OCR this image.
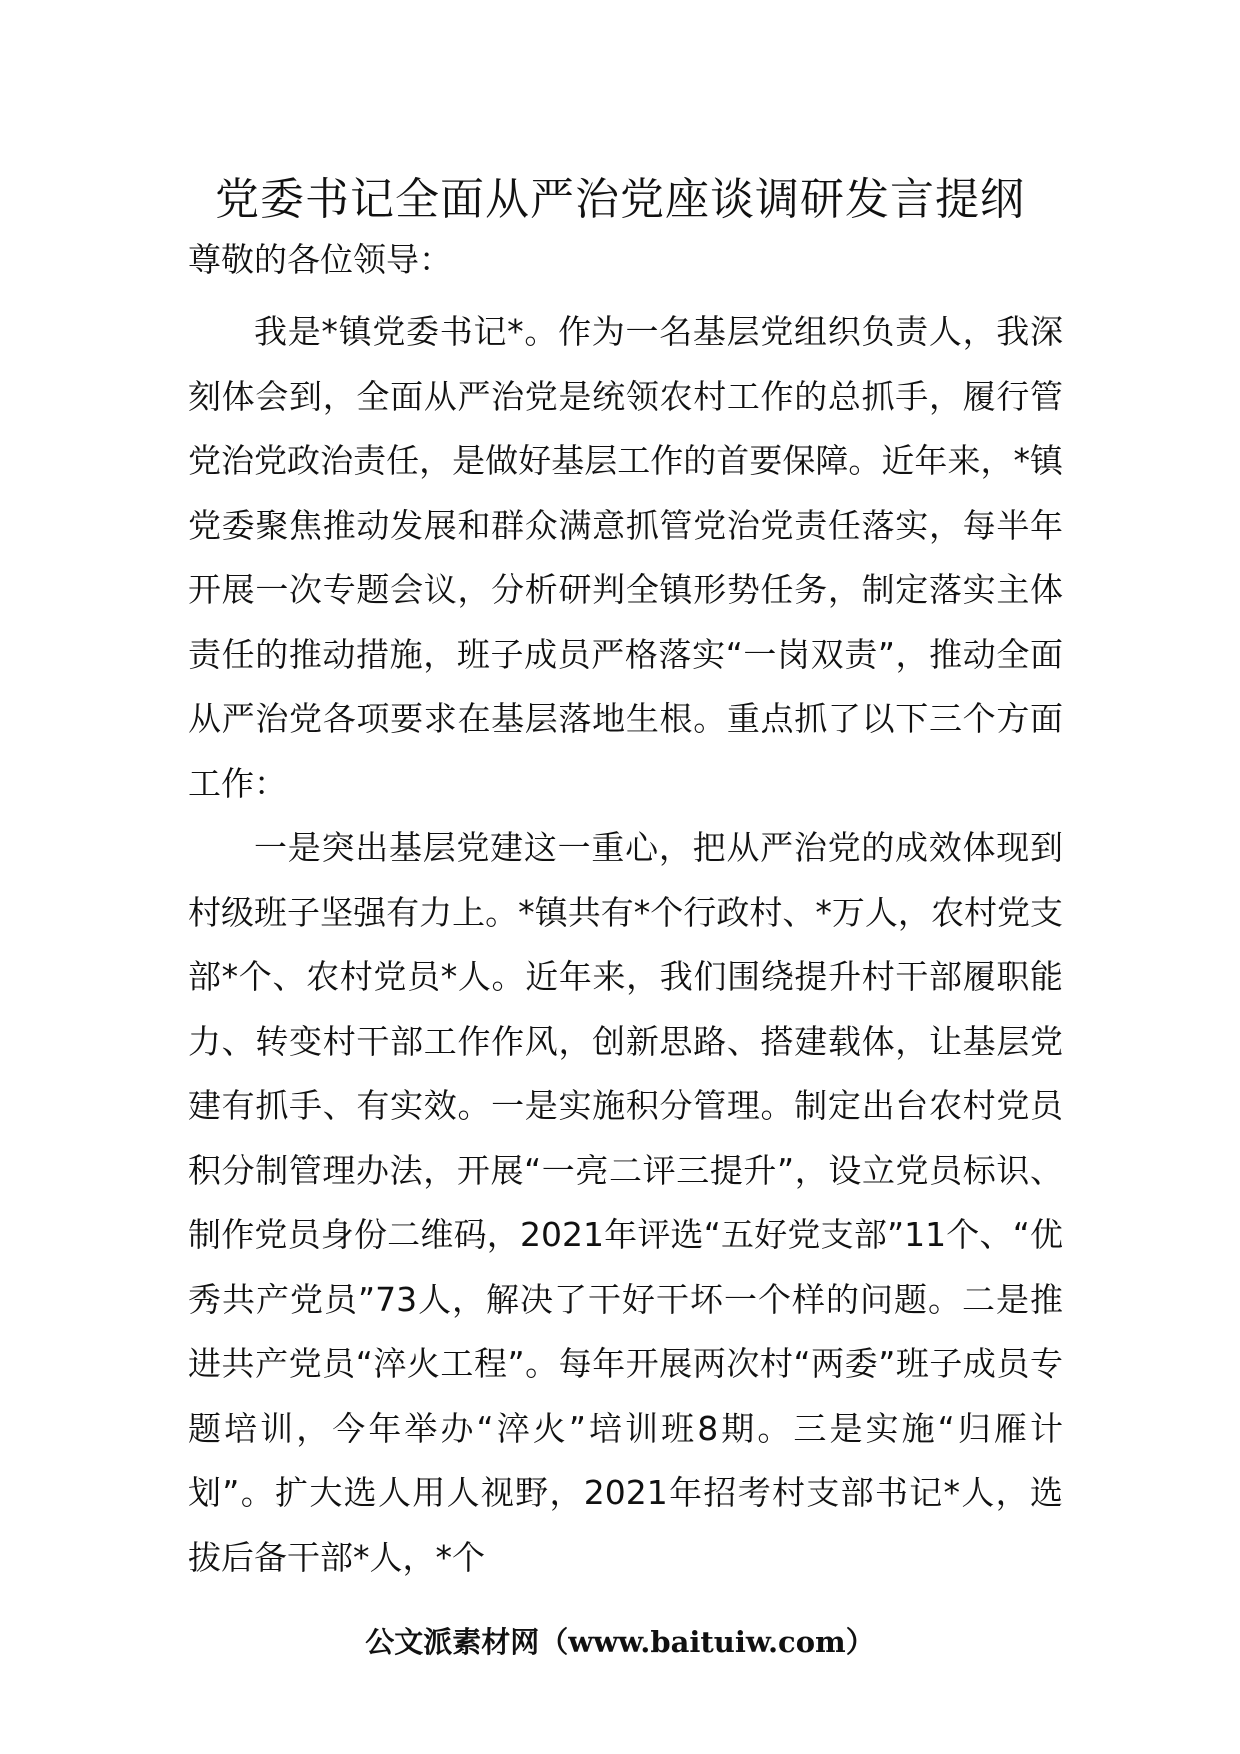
党委书记全面从严治党座谈调研发言提纲

尊敬的各位领导：

我是*镇党委书记*。作为一名基层党组织负责人，我深刻体会到，全面从严治党是统领农村工作的总抓手，履行管党治党政治责任，是做好基层工作的首要保障。近年来，*镇党委聚焦推动发展和群众满意抓管党治党责任落实，每半年开展一次专题会议，分析研判全镇形势任务，制定落实主体责任的推动措施，班子成员严格落实“一岗双责”，推动全面从严治党各项要求在基层落地生根。重点抓了以下三个方面工作：

一是突出基层党建这一重心，把从严治党的成效体现到村级班子坚强有力上。*镇共有*个行政村、*万人，农村党支部*个、农村党员*人。近年来，我们围绕提升村干部履职能力、转变村干部工作作风，创新思路、搭建载体，让基层党建有抓手、有实效。一是实施积分管理。制定出台农村党员积分制管理办法，开展“一亮二评三提升”，设立党员标识、制作党员身份二维码，2021年评选“五好党支部”11个、“优秀共产党员”73人，解决了干好干坏一个样的问题。二是推进共产党员“淬火工程”。每年开展两次村“两委”班子成员专题培训，今年举办“淬火”培训班8期。三是实施“归雁计划”。扩大选人用人视野，2021年招考村支部书记*人，选拔后备干部*人，*个

公文派素材网（www.baituiw.com）
